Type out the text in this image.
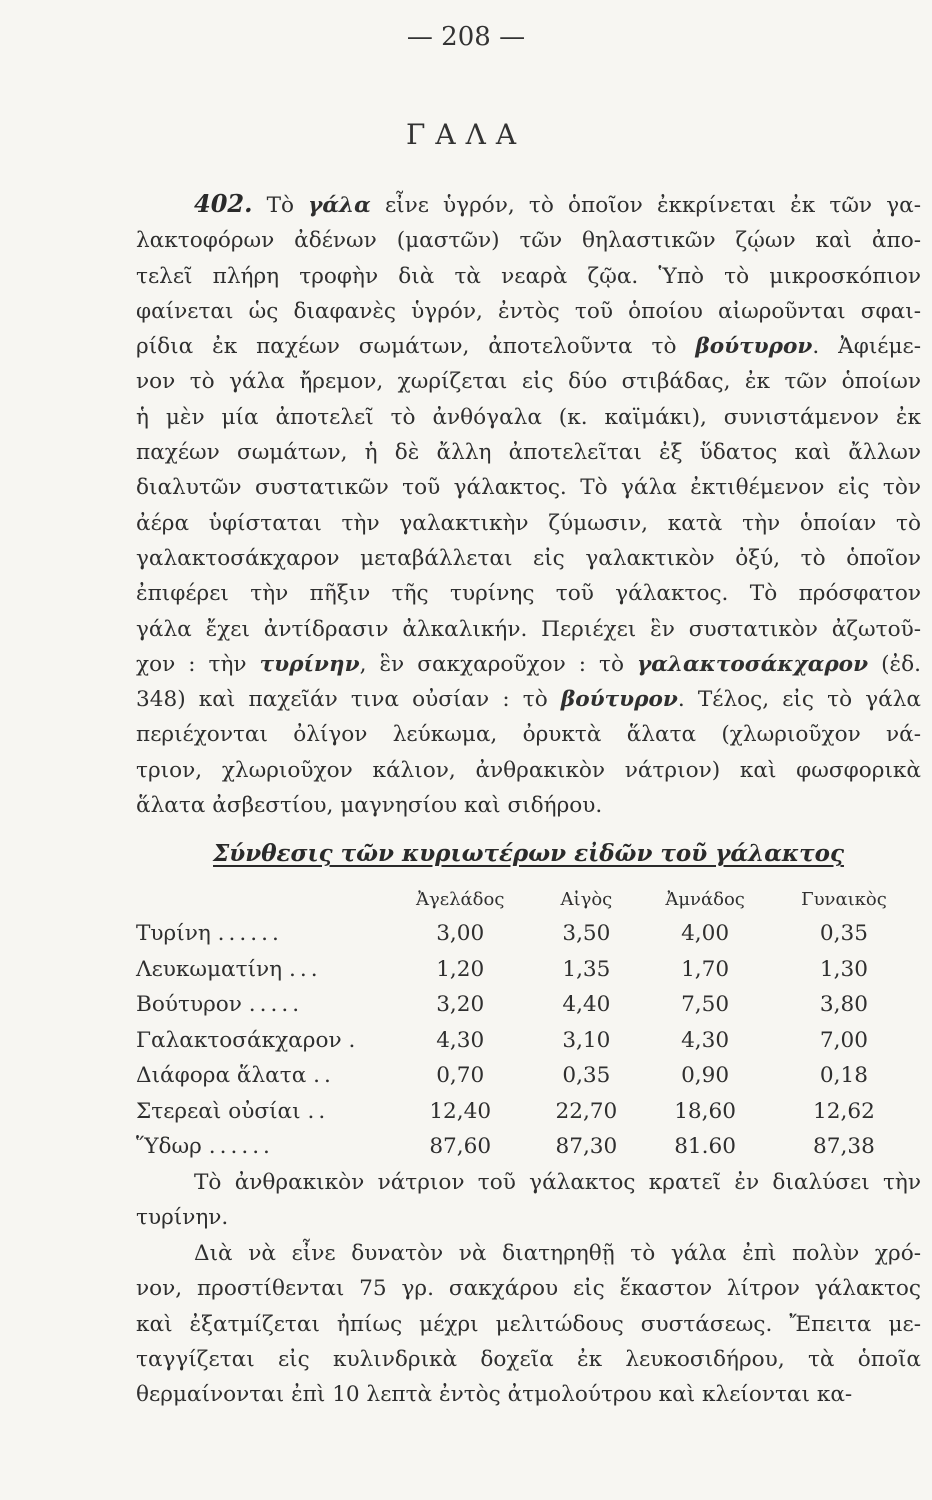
— 208 —
ΓΑΛΑ
402. Τὸ γάλα εἶνε ὑγρόν, τὸ ὁποῖον ἐκκρίνεται ἐκ τῶν γα-
λακτοφόρων ἀδένων (μαστῶν) τῶν θηλαστικῶν ζῴων καὶ ἀπο-
τελεῖ πλήρη τροφὴν διὰ τὰ νεαρὰ ζῷα. Ὑπὸ τὸ μικροσκόπιον
φαίνεται ὡς διαφανὲς ὑγρόν, ἐντὸς τοῦ ὁποίου αἰωροῦνται σφαι-
ρίδια ἐκ παχέων σωμάτων, ἀποτελοῦντα τὸ βούτυρον. Ἀφιέμε-
νον τὸ γάλα ἤρεμον, χωρίζεται εἰς δύο στιβάδας, ἐκ τῶν ὁποίων
ἡ μὲν μία ἀποτελεῖ τὸ ἀνθόγαλα (κ. καϊμάκι), συνιστάμενον ἐκ
παχέων σωμάτων, ἡ δὲ ἄλλη ἀποτελεῖται ἐξ ὕδατος καὶ ἄλλων
διαλυτῶν συστατικῶν τοῦ γάλακτος. Τὸ γάλα ἐκτιθέμενον εἰς τὸν
ἀέρα ὑφίσταται τὴν γαλακτικὴν ζύμωσιν, κατὰ τὴν ὁποίαν τὸ
γαλακτοσάκχαρον μεταβάλλεται εἰς γαλακτικὸν ὀξύ, τὸ ὁποῖον
ἐπιφέρει τὴν πῆξιν τῆς τυρίνης τοῦ γάλακτος. Τὸ πρόσφατον
γάλα ἔχει ἀντίδρασιν ἀλκαλικήν. Περιέχει ἓν συστατικὸν ἀζωτοῦ-
χον : τὴν τυρίνην, ἓν σακχαροῦχον : τὸ γαλακτοσάκχαρον (ἐδ.
348) καὶ παχεῖάν τινα οὐσίαν : τὸ βούτυρον. Τέλος, εἰς τὸ γάλα
περιέχονται ὀλίγον λεύκωμα, ὀρυκτὰ ἅλατα (χλωριοῦχον νά-
τριον, χλωριοῦχον κάλιον, ἀνθρακικὸν νάτριον) καὶ φωσφορικὰ
ἅλατα ἀσβεστίου, μαγνησίου καὶ σιδήρου.
Σύνθεσις τῶν κυριωτέρων εἰδῶν τοῦ γάλακτος
	Ἀγελάδος	Αἰγὸς	Ἀμνάδος	Γυναικὸς
Τυρίνη ......	3,00	3,50	4,00	0,35
Λευκωματίνη ...	1,20	1,35	1,70	1,30
Βούτυρον .....	3,20	4,40	7,50	3,80
Γαλακτοσάκχαρον .	4,30	3,10	4,30	7,00
Διάφορα ἅλατα ..	0,70	0,35	0,90	0,18
Στερεαὶ οὐσίαι ..	12,40	22,70	18,60	12,62
Ὕδωρ ......	87,60	87,30	81.60	87,38
Τὸ ἀνθρακικὸν νάτριον τοῦ γάλακτος κρατεῖ ἐν διαλύσει τὴν
τυρίνην.
Διὰ νὰ εἶνε δυνατὸν νὰ διατηρηθῇ τὸ γάλα ἐπὶ πολὺν χρό-
νον, προστίθενται 75 γρ. σακχάρου εἰς ἕκαστον λίτρον γάλακτος
καὶ ἐξατμίζεται ἠπίως μέχρι μελιτώδους συστάσεως. Ἔπειτα με-
ταγγίζεται εἰς κυλινδρικὰ δοχεῖα ἐκ λευκοσιδήρου, τὰ ὁποῖα
θερμαίνονται ἐπὶ 10 λεπτὰ ἐντὸς ἀτμολούτρου καὶ κλείονται κα-
